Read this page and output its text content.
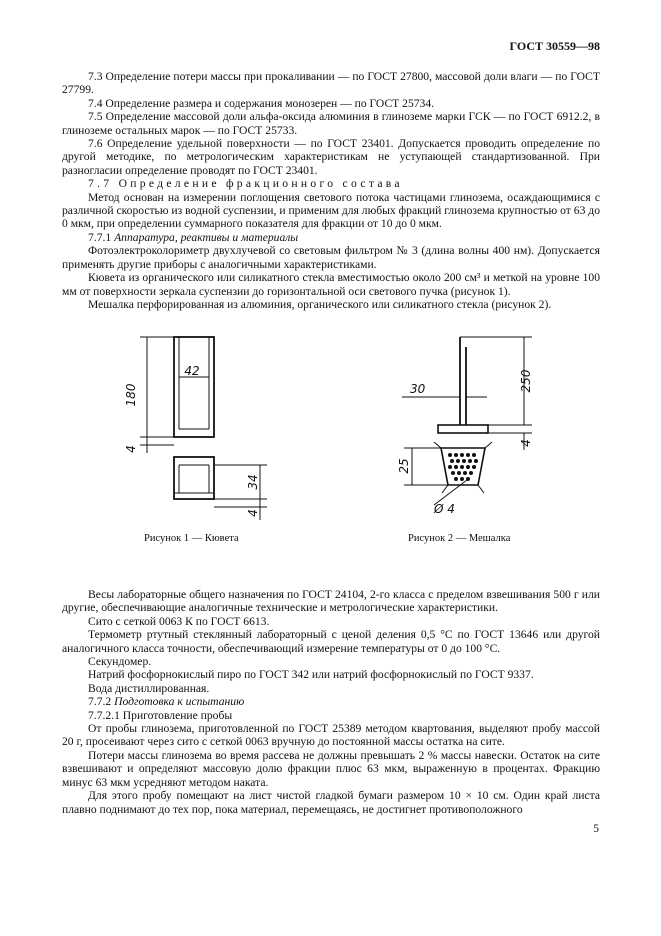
ГОСТ 30559—98

7.3 Определение потери массы при прокаливании — по ГОСТ 27800, массовой доли влаги — по ГОСТ 27799.

7.4 Определение размера и содержания монозерен — по ГОСТ 25734.

7.5 Определение массовой доли альфа-оксида алюминия в глиноземе марки ГСК — по ГОСТ 6912.2, в глиноземе остальных марок — по ГОСТ 25733.

7.6 Определение удельной поверхности — по ГОСТ 23401. Допускается проводить определение по другой методике, по метрологическим характеристикам не уступающей стандартизованной. При разногласии определение проводят по ГОСТ 23401.

7.7 Определение фракционного состава

Метод основан на измерении поглощения светового потока частицами глинозема, осаждающимися с различной скоростью из водной суспензии, и применим для любых фракций глинозема крупностью от 63 до 0 мкм, при определении суммарного показателя для фракции от 10 до 0 мкм.

7.7.1 Аппаратура, реактивы и материалы

Фотоэлектроколориметр двухлучевой со световым фильтром № 3 (длина волны 400 нм). Допускается применять другие приборы с аналогичными характеристиками.

Кювета из органического или силикатного стекла вместимостью около 200 см³ и меткой на уровне 100 мм от поверхности зеркала суспензии до горизонтальной оси светового пучка (рисунок 1).

Мешалка перфорированная из алюминия, органического или силикатного стекла (рисунок 2).

180
42
4
34
4
250
30
4
25
Ø 4
Рисунок 1 — Кювета	Рисунок 2 — Мешалка

Весы лабораторные общего назначения по ГОСТ 24104, 2-го класса с пределом взвешивания 500 г или другие, обеспечивающие аналогичные технические и метрологические характеристики.

Сито с сеткой 0063 К по ГОСТ 6613.

Термометр ртутный стеклянный лабораторный с ценой деления 0,5 °С по ГОСТ 13646 или другой аналогичного класса точности, обеспечивающий измерение температуры от 0 до 100 °С.

Секундомер.

Натрий фосфорнокислый пиро по ГОСТ 342 или натрий фосфорнокислый по ГОСТ 9337.

Вода дистиллированная.

7.7.2 Подготовка к испытанию

7.7.2.1 Приготовление пробы

От пробы глинозема, приготовленной по ГОСТ 25389 методом квартования, выделяют пробу массой 20 г, просеивают через сито с сеткой 0063 вручную до постоянной массы остатка на сите.

Потери массы глинозема во время рассева не должны превышать 2 % массы навески. Остаток на сите взвешивают и определяют массовую долю фракции плюс 63 мкм, выраженную в процентах. Фракцию минус 63 мкм усредняют методом наката.

Для этого пробу помещают на лист чистой гладкой бумаги размером 10 × 10 см. Один край листа плавно поднимают до тех пор, пока материал, перемещаясь, не достигнет противоположного

5
